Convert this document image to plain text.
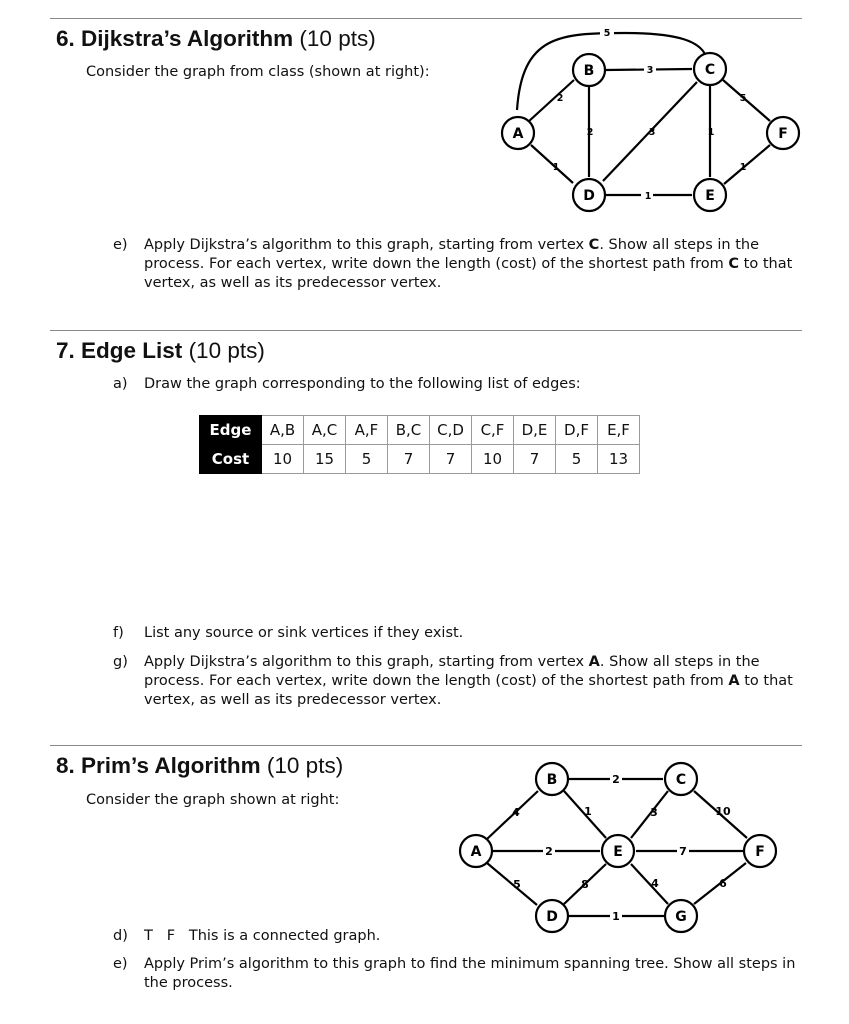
6. Dijkstra’s Algorithm (10 pts)
Consider the graph from class (shown at right):
5
2
3
2	3	1
5
1
1
1
A
B	C
D	E
F
e) Apply Dijkstra’s algorithm to this graph, starting from vertex C. Show all steps in the process. For each vertex, write down the length (cost) of the shortest path from C to that vertex, as well as its predecessor vertex.
7. Edge List (10 pts)
a) Draw the graph corresponding to the following list of edges:
Edge	A,B	A,C	A,F	B,C	C,D	C,F	D,E	D,F	E,F
Cost	10	15	5	7	7	10	7	5	13
f) List any source or sink vertices if they exist.
g) Apply Dijkstra’s algorithm to this graph, starting from vertex A. Show all steps in the process. For each vertex, write down the length (cost) of the shortest path from A to that vertex, as well as its predecessor vertex.
8. Prim’s Algorithm (10 pts)
Consider the graph shown at right:
4
2
5
2
1	3	10
7
8	4
1
6
A
B	C
D
E	F
G
d) T F This is a connected graph.
e) Apply Prim’s algorithm to this graph to find the minimum spanning tree. Show all steps in the process.
